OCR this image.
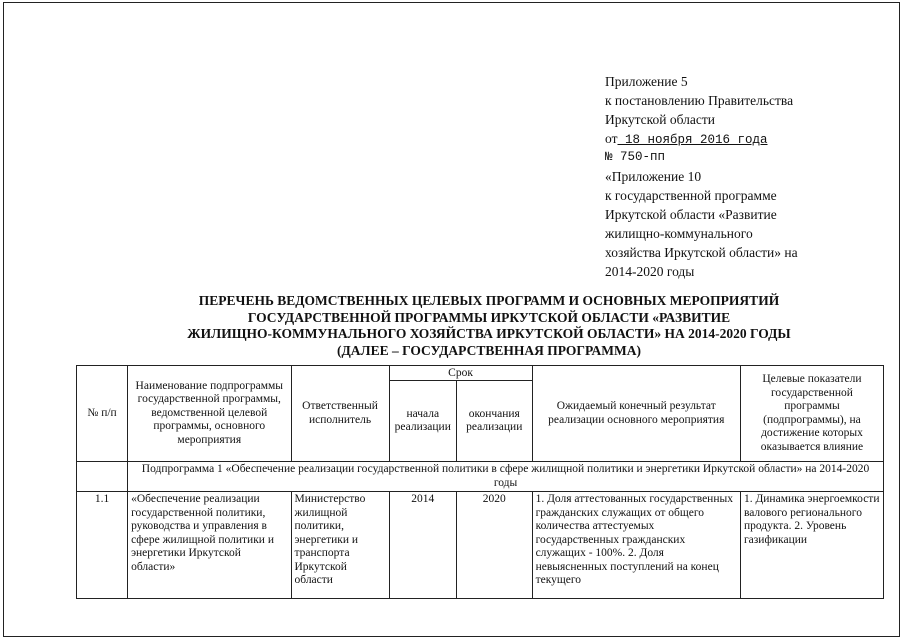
Приложение 5
к постановлению Правительства
Иркутской области
от 18 ноября 2016 года
№ 750-пп
«Приложение 10
к государственной программе
Иркутской области «Развитие
жилищно-коммунального
хозяйства Иркутской области» на
2014-2020 годы
ПЕРЕЧЕНЬ ВЕДОМСТВЕННЫХ ЦЕЛЕВЫХ ПРОГРАММ И ОСНОВНЫХ МЕРОПРИЯТИЙ
ГОСУДАРСТВЕННОЙ ПРОГРАММЫ ИРКУТСКОЙ ОБЛАСТИ «РАЗВИТИЕ
ЖИЛИЩНО-КОММУНАЛЬНОГО ХОЗЯЙСТВА ИРКУТСКОЙ ОБЛАСТИ» НА 2014-2020 ГОДЫ
(ДАЛЕЕ – ГОСУДАРСТВЕННАЯ ПРОГРАММА)
№ п/п	Наименование подпрограммы государственной программы, ведомственной целевой программы, основного мероприятия	Ответственный исполнитель	Срок		Ожидаемый конечный результат реализации основного мероприятия	Целевые показатели государственной программы (подпрограммы), на достижение которых оказывается влияние
			начала реализации	окончания реализации		
	Подпрограмма 1 «Обеспечение реализации государственной политики в сфере жилищной политики и энергетики Иркутской области» на 2014-2020 годы					
1.1	«Обеспечение реализации государственной политики, руководства и управления в сфере жилищной политики и энергетики Иркутской области»	Министерство жилищной политики, энергетики и транспорта Иркутской области	2014	2020	1. Доля аттестованных государственных гражданских служащих от общего количества аттестуемых государственных гражданских служащих - 100%. 2. Доля невыясненных поступлений на конец текущего	1. Динамика энергоемкости валового регионального продукта. 2. Уровень газификации
